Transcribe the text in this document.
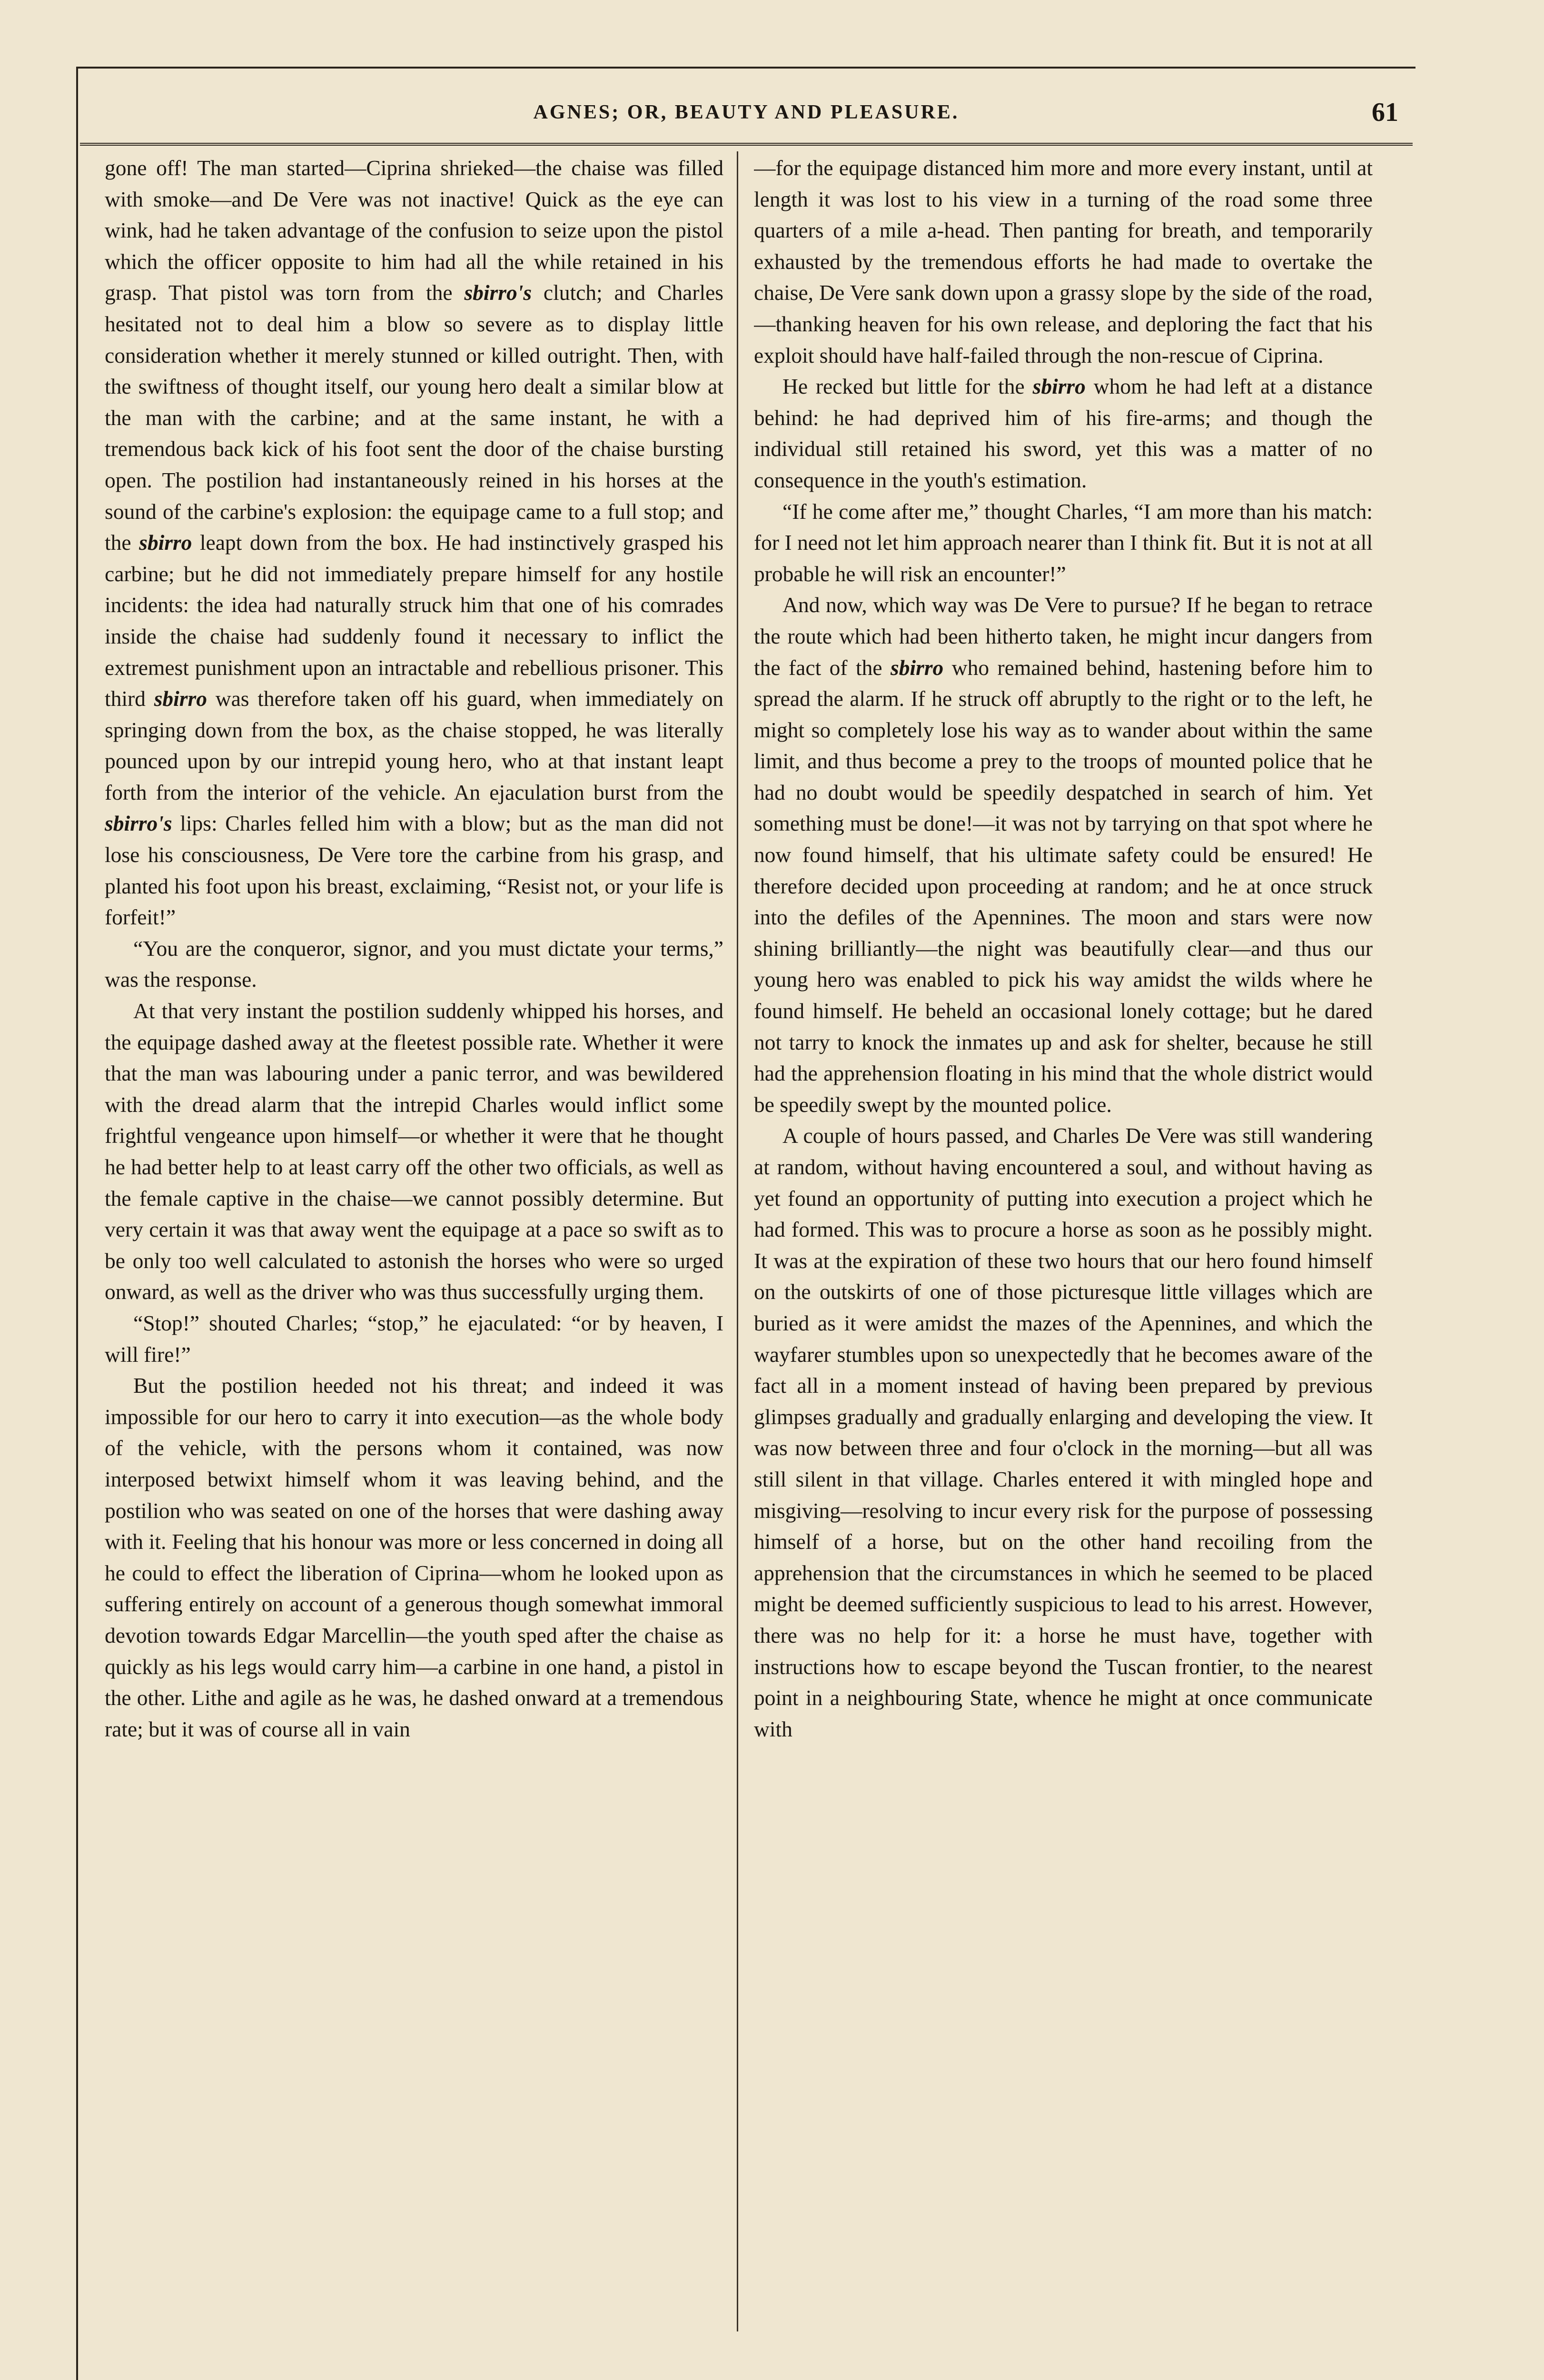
AGNES; OR, BEAUTY AND PLEASURE.	61

gone off! The man started—Ciprina shrieked—the chaise was filled with smoke—and De Vere was not inactive! Quick as the eye can wink, had he taken advantage of the confusion to seize upon the pistol which the officer opposite to him had all the while retained in his grasp. That pistol was torn from the sbirro's clutch; and Charles hesitated not to deal him a blow so severe as to display little consideration whether it merely stunned or killed outright. Then, with the swiftness of thought itself, our young hero dealt a similar blow at the man with the carbine; and at the same instant, he with a tremendous back kick of his foot sent the door of the chaise bursting open. The postilion had instantaneously reined in his horses at the sound of the carbine's explosion: the equipage came to a full stop; and the sbirro leapt down from the box. He had instinctively grasped his carbine; but he did not immediately prepare himself for any hostile incidents: the idea had naturally struck him that one of his comrades inside the chaise had suddenly found it necessary to inflict the extremest punishment upon an intractable and rebellious prisoner. This third sbirro was therefore taken off his guard, when immediately on springing down from the box, as the chaise stopped, he was literally pounced upon by our intrepid young hero, who at that instant leapt forth from the interior of the vehicle. An ejaculation burst from the sbirro's lips: Charles felled him with a blow; but as the man did not lose his consciousness, De Vere tore the carbine from his grasp, and planted his foot upon his breast, exclaiming, “Resist not, or your life is forfeit!”

“You are the conqueror, signor, and you must dictate your terms,” was the response.

At that very instant the postilion suddenly whipped his horses, and the equipage dashed away at the fleetest possible rate. Whether it were that the man was labouring under a panic terror, and was bewildered with the dread alarm that the intrepid Charles would inflict some frightful vengeance upon himself—or whether it were that he thought he had better help to at least carry off the other two officials, as well as the female captive in the chaise—we cannot possibly determine. But very certain it was that away went the equipage at a pace so swift as to be only too well calculated to astonish the horses who were so urged onward, as well as the driver who was thus successfully urging them.

“Stop!” shouted Charles; “stop,” he ejaculated: “or by heaven, I will fire!”

But the postilion heeded not his threat; and indeed it was impossible for our hero to carry it into execution—as the whole body of the vehicle, with the persons whom it contained, was now interposed betwixt himself whom it was leaving behind, and the postilion who was seated on one of the horses that were dashing away with it. Feeling that his honour was more or less concerned in doing all he could to effect the liberation of Ciprina—whom he looked upon as suffering entirely on account of a generous though somewhat immoral devotion towards Edgar Marcellin—the youth sped after the chaise as quickly as his legs would carry him—a carbine in one hand, a pistol in the other. Lithe and agile as he was, he dashed onward at a tremendous rate; but it was of course all in vain

—for the equipage distanced him more and more every instant, until at length it was lost to his view in a turning of the road some three quarters of a mile a-head. Then panting for breath, and temporarily exhausted by the tremendous efforts he had made to overtake the chaise, De Vere sank down upon a grassy slope by the side of the road,—thanking heaven for his own release, and deploring the fact that his exploit should have half-failed through the non-rescue of Ciprina.

He recked but little for the sbirro whom he had left at a distance behind: he had deprived him of his fire-arms; and though the individual still retained his sword, yet this was a matter of no consequence in the youth's estimation.

“If he come after me,” thought Charles, “I am more than his match: for I need not let him approach nearer than I think fit. But it is not at all probable he will risk an encounter!”

And now, which way was De Vere to pursue? If he began to retrace the route which had been hitherto taken, he might incur dangers from the fact of the sbirro who remained behind, hastening before him to spread the alarm. If he struck off abruptly to the right or to the left, he might so completely lose his way as to wander about within the same limit, and thus become a prey to the troops of mounted police that he had no doubt would be speedily despatched in search of him. Yet something must be done!—it was not by tarrying on that spot where he now found himself, that his ultimate safety could be ensured! He therefore decided upon proceeding at random; and he at once struck into the defiles of the Apennines. The moon and stars were now shining brilliantly—the night was beautifully clear—and thus our young hero was enabled to pick his way amidst the wilds where he found himself. He beheld an occasional lonely cottage; but he dared not tarry to knock the inmates up and ask for shelter, because he still had the apprehension floating in his mind that the whole district would be speedily swept by the mounted police.

A couple of hours passed, and Charles De Vere was still wandering at random, without having encountered a soul, and without having as yet found an opportunity of putting into execution a project which he had formed. This was to procure a horse as soon as he possibly might. It was at the expiration of these two hours that our hero found himself on the outskirts of one of those picturesque little villages which are buried as it were amidst the mazes of the Apennines, and which the wayfarer stumbles upon so unexpectedly that he becomes aware of the fact all in a moment instead of having been prepared by previous glimpses gradually and gradually enlarging and developing the view. It was now between three and four o'clock in the morning—but all was still silent in that village. Charles entered it with mingled hope and misgiving—resolving to incur every risk for the purpose of possessing himself of a horse, but on the other hand recoiling from the apprehension that the circumstances in which he seemed to be placed might be deemed sufficiently suspicious to lead to his arrest. However, there was no help for it: a horse he must have, together with instructions how to escape beyond the Tuscan frontier, to the nearest point in a neighbouring State, whence he might at once communicate with
